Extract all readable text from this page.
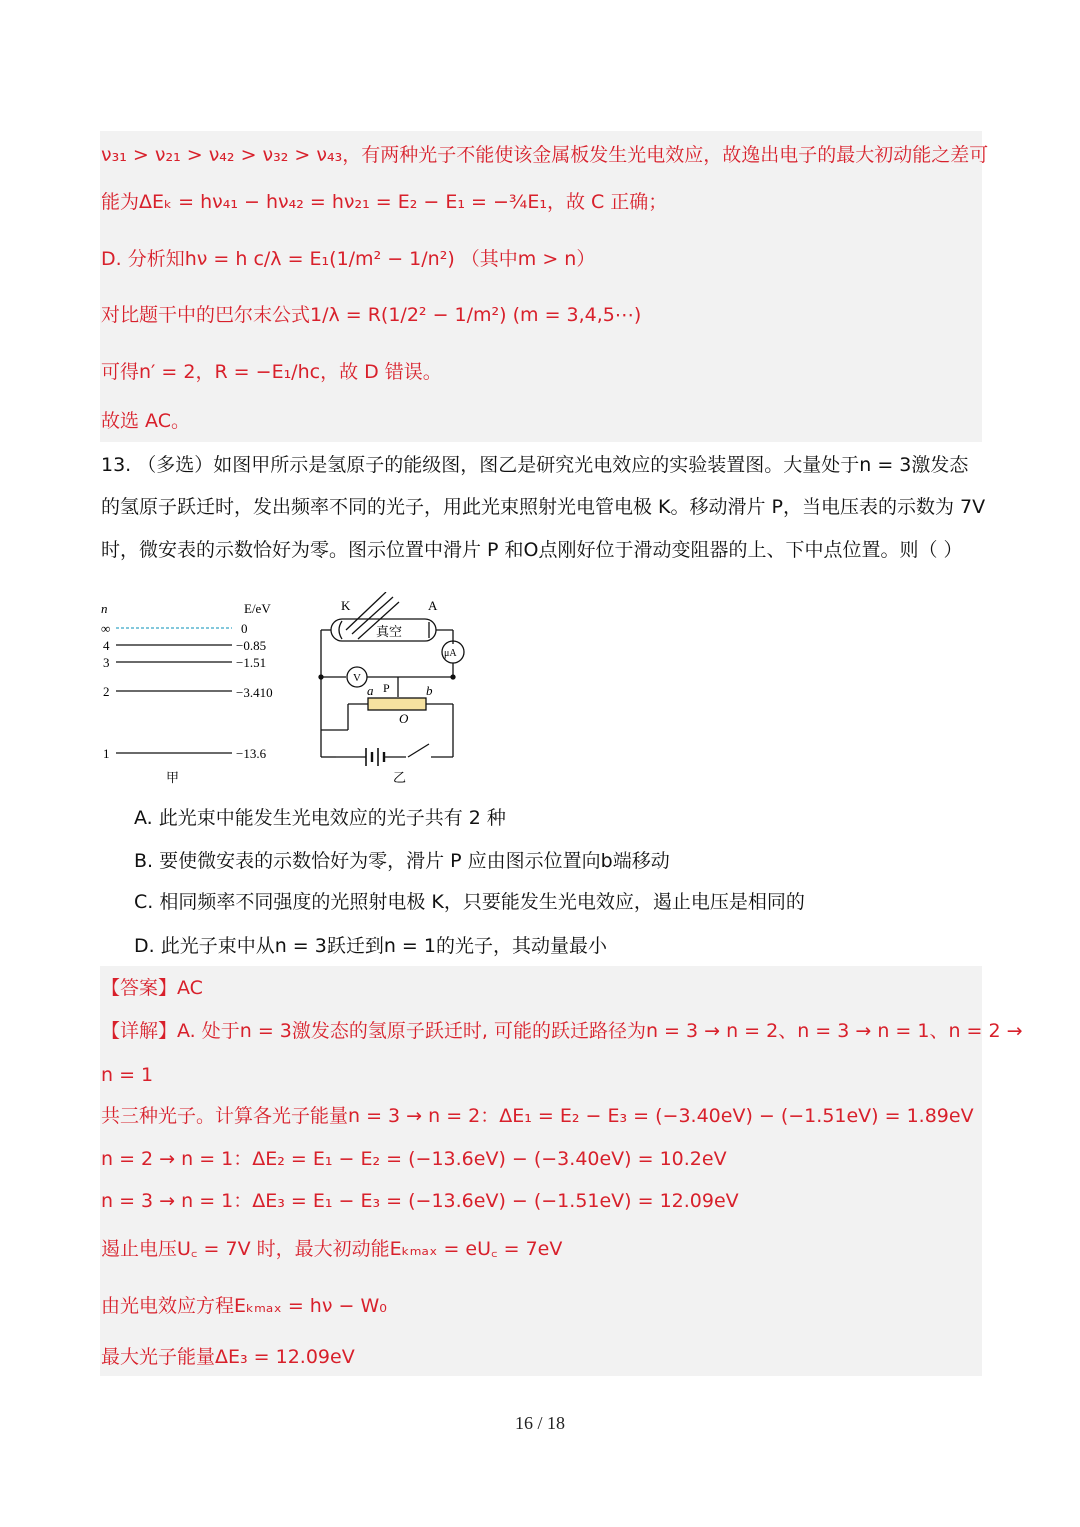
ν₃₁ > ν₂₁ > ν₄₂ > ν₃₂ > ν₄₃，有两种光子不能使该金属板发生光电效应，故逸出电子的最大初动能之差可
能为ΔEₖ = hν₄₁ − hν₄₂ = hν₂₁ = E₂ − E₁ = −¾E₁，故 C 正确；
D. 分析知hν = h c/λ = E₁(1/m² − 1/n²) （其中m > n）
对比题干中的巴尔末公式1/λ = R(1/2² − 1/m²) (m = 3,4,5⋯)
可得n′ = 2，R = −E₁/hc，故 D 错误。
故选 AC。
13. （多选）如图甲所示是氢原子的能级图，图乙是研究光电效应的实验装置图。大量处于n = 3激发态
的氢原子跃迁时，发出频率不同的光子，用此光束照射光电管电极 K。移动滑片 P，当电压表的示数为 7V
时，微安表的示数恰好为零。图示位置中滑片 P 和O点刚好位于滑动变阻器的上、下中点位置。则（ ）
n	E/eV
∞	0
4	−0.85
3	−1.51
2	−3.410
1	−13.6
甲
K	A
真空
μA
V
a	b
P
O
乙
A. 此光束中能发生光电效应的光子共有 2 种
B. 要使微安表的示数恰好为零，滑片 P 应由图示位置向b端移动
C. 相同频率不同强度的光照射电极 K，只要能发生光电效应，遏止电压是相同的
D. 此光子束中从n = 3跃迁到n = 1的光子，其动量最小
【答案】AC
【详解】A. 处于n = 3激发态的氢原子跃迁时, 可能的跃迁路径为n = 3 → n = 2、n = 3 → n = 1、n = 2 →
n = 1
共三种光子。计算各光子能量n = 3 → n = 2：ΔE₁ = E₂ − E₃ = (−3.40eV) − (−1.51eV) = 1.89eV
n = 2 → n = 1：ΔE₂ = E₁ − E₂ = (−13.6eV) − (−3.40eV) = 10.2eV
n = 3 → n = 1：ΔE₃ = E₁ − E₃ = (−13.6eV) − (−1.51eV) = 12.09eV
遏止电压U꜀ = 7V 时，最大初动能Eₖₘₐₓ = eU꜀ = 7eV
由光电效应方程Eₖₘₐₓ = hν − W₀
最大光子能量ΔE₃ = 12.09eV
16 / 18
